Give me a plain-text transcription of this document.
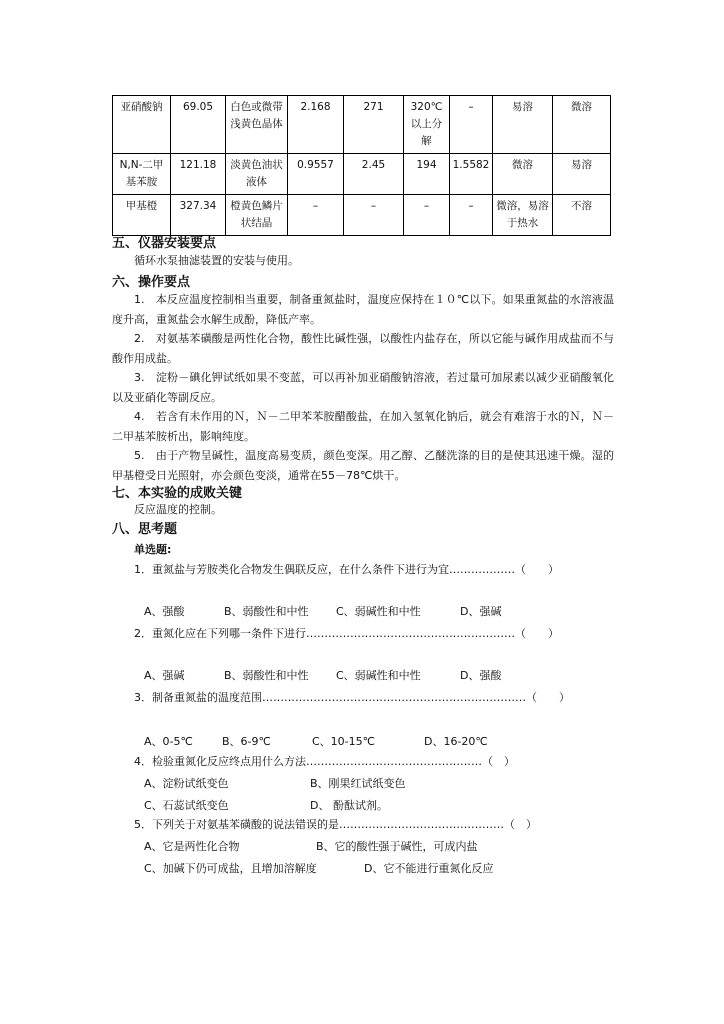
亚硝酸钠	69.05	白色或微带浅黄色晶体	2.168	271	320℃以上分解	–	易溶	微溶
N,N-二甲基苯胺	121.18	淡黄色油状液体	0.9557	2.45	194	1.5582	微溶	易溶
甲基橙	327.34	橙黄色鳞片状结晶	–	–	–	–	微溶，易溶于热水	不溶
五、仪器安装要点
循环水泵抽滤装置的安装与使用。
六、操作要点
1.　本反应温度控制相当重要，制备重氮盐时，温度应保持在１０℃以下。如果重氮盐的水溶液温度升高，重氮盐会水解生成酚，降低产率。
2.　对氨基苯磺酸是两性化合物，酸性比碱性强，以酸性内盐存在，所以它能与碱作用成盐而不与酸作用成盐。
3.　淀粉－碘化钾试纸如果不变蓝，可以再补加亚硝酸钠溶液，若过量可加尿素以减少亚硝酸氧化以及亚硝化等副反应。
4.　若含有未作用的Ｎ，Ｎ－二甲苯苯胺醋酸盐，在加入氢氧化钠后，就会有难溶于水的Ｎ，Ｎ－二甲基苯胺析出，影响纯度。
5.　由于产物呈碱性，温度高易变质，颜色变深。用乙醇、乙醚洗涤的目的是使其迅速干燥。湿的甲基橙受日光照射，亦会颜色变淡，通常在55－78℃烘干。
七、本实验的成败关键
反应温度的控制。
八、思考题
单选题:
1．重氮盐与芳胺类化合物发生偶联反应，在什么条件下进行为宜………………（　　）
A、强酸	B、弱酸性和中性 C、弱碱性和中性	D、强碱
2．重氮化应在下列哪一条件下进行…………………………………………………（　　）
A、强碱	B、弱酸性和中性 C、弱碱性和中性	D、强酸
3．制备重氮盐的温度范围………………………………………………………………（　　）
A、0-5℃	B、6-9℃	C、10-15℃	D、16-20℃
4．检验重氮化反应终点用什么方法…………………………………………（　）
A、淀粉试纸变色	B、刚果红试纸变色
C、石蕊试纸变色	D、 酚酞试剂。
5．下列关于对氨基苯磺酸的说法错误的是………………………………………（　）
A、它是两性化合物	B、它的酸性强于碱性，可成内盐
C、加碱下仍可成盐，且增加溶解度	D、它不能进行重氮化反应
